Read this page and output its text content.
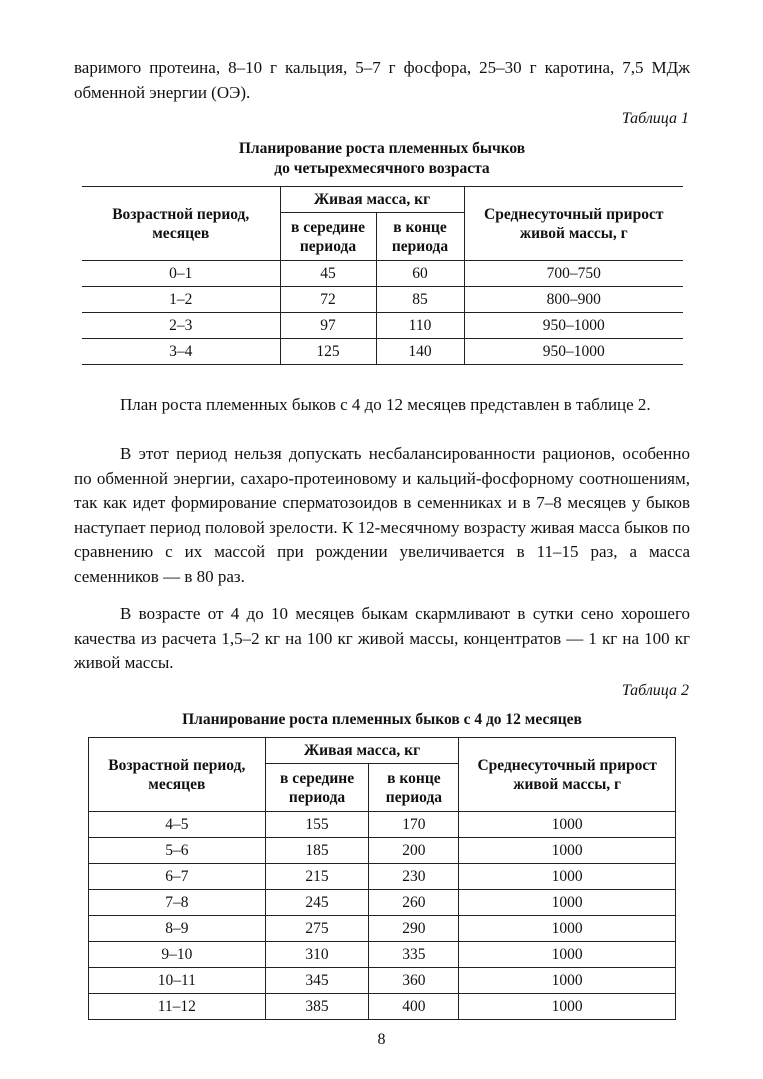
варимого протеина, 8–10 г кальция, 5–7 г фосфора, 25–30 г каротина, 7,5 МДж обменной энергии (ОЭ).

Таблица 1
Планирование роста племенных бычков
до четырехмесячного возраста
Возрастной период, месяцев	Живая масса, кг		Среднесуточный прирост живой массы, г
	в середине периода	в конце периода	
0–1	45	60	700–750
1–2	72	85	800–900
2–3	97	110	950–1000
3–4	125	140	950–1000

План роста племенных быков с 4 до 12 месяцев представлен в таблице 2.

В этот период нельзя допускать несбалансированности рационов, особенно по обменной энергии, сахаро-протеиновому и кальций-фосфорному соотношениям, так как идет формирование сперматозоидов в семенниках и в 7–8 месяцев у быков наступает период половой зрелости. К 12-месячному возрасту живая масса быков по сравнению с их массой при рождении увеличивается в 11–15 раз, а масса семенников — в 80 раз.

В возрасте от 4 до 10 месяцев быкам скармливают в сутки сено хорошего качества из расчета 1,5–2 кг на 100 кг живой массы, концентратов — 1 кг на 100 кг живой массы.

Таблица 2
Планирование роста племенных быков с 4 до 12 месяцев
Возрастной период, месяцев	Живая масса, кг		Среднесуточный прирост живой массы, г
	в середине периода	в конце периода	
4–5	155	170	1000
5–6	185	200	1000
6–7	215	230	1000
7–8	245	260	1000
8–9	275	290	1000
9–10	310	335	1000
10–11	345	360	1000
11–12	385	400	1000
8
